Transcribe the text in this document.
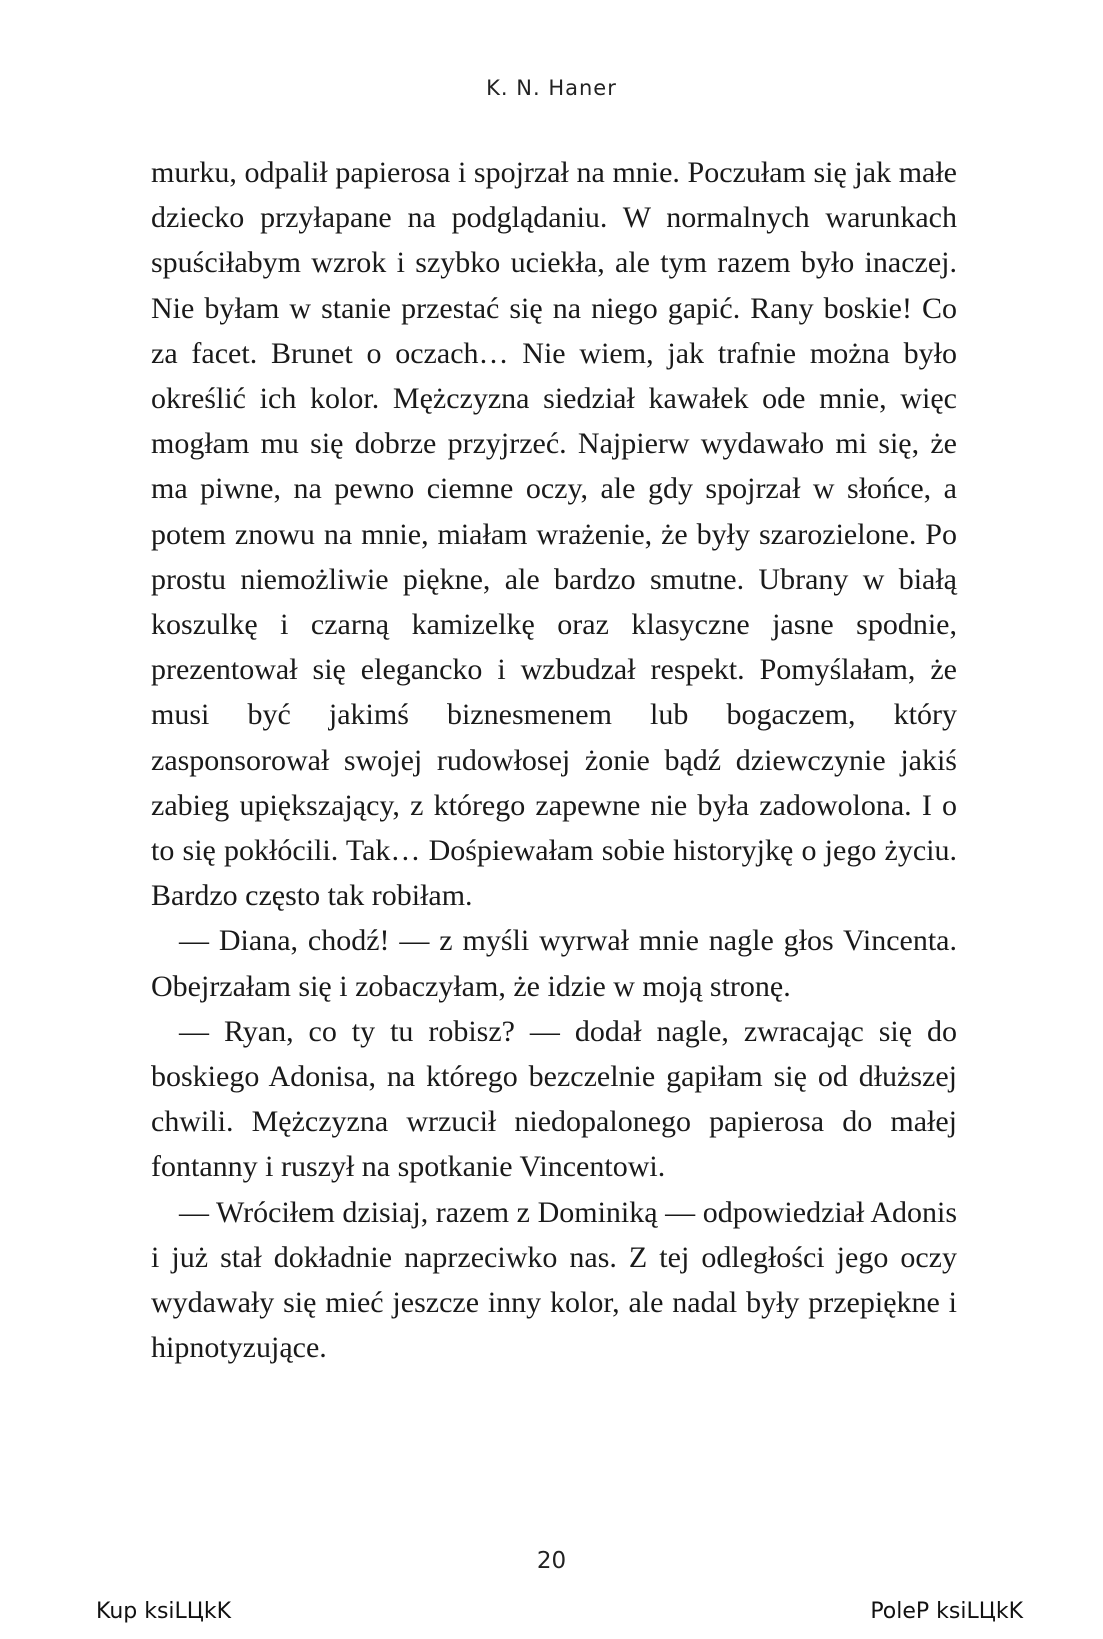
K. N. Haner

murku, odpalił papierosa i spojrzał na mnie. Poczułam się jak małe dziecko przyłapane na podglądaniu. W normalnych warunkach spuściłabym wzrok i szybko uciekła, ale tym razem było inaczej. Nie byłam w stanie przestać się na niego gapić. Rany boskie! Co za facet. Brunet o oczach… Nie wiem, jak trafnie można było określić ich kolor. Mężczyzna siedział kawałek ode mnie, więc mogłam mu się dobrze przyjrzeć. Najpierw wydawało mi się, że ma piwne, na pewno ciemne oczy, ale gdy spojrzał w słońce, a potem znowu na mnie, miałam wrażenie, że były szarozielone. Po prostu niemożliwie piękne, ale bardzo smutne. Ubrany w białą koszulkę i czarną kamizelkę oraz klasyczne jasne spodnie, prezentował się elegancko i wzbudzał respekt. Pomyślałam, że musi być jakimś biznesmenem lub bogaczem, który zasponsorował swojej rudowłosej żonie bądź dziewczynie jakiś zabieg upiększający, z którego zapewne nie była zadowolona. I o to się pokłócili. Tak… Dośpiewałam sobie historyjkę o jego życiu. Bardzo często tak robiłam.

— Diana, chodź! — z myśli wyrwał mnie nagle głos Vincenta. Obejrzałam się i zobaczyłam, że idzie w moją stronę.

— Ryan, co ty tu robisz? — dodał nagle, zwracając się do boskiego Adonisa, na którego bezczelnie gapiłam się od dłuższej chwili. Mężczyzna wrzucił niedopalonego papierosa do małej fontanny i ruszył na spotkanie Vincentowi.

— Wróciłem dzisiaj, razem z Dominiką — odpowiedział Adonis i już stał dokładnie naprzeciwko nas. Z tej odległości jego oczy wydawały się mieć jeszcze inny kolor, ale nadal były przepiękne i hipnotyzujące.

20
Kup ksiLЦkK	PoleP ksiLЦkK
